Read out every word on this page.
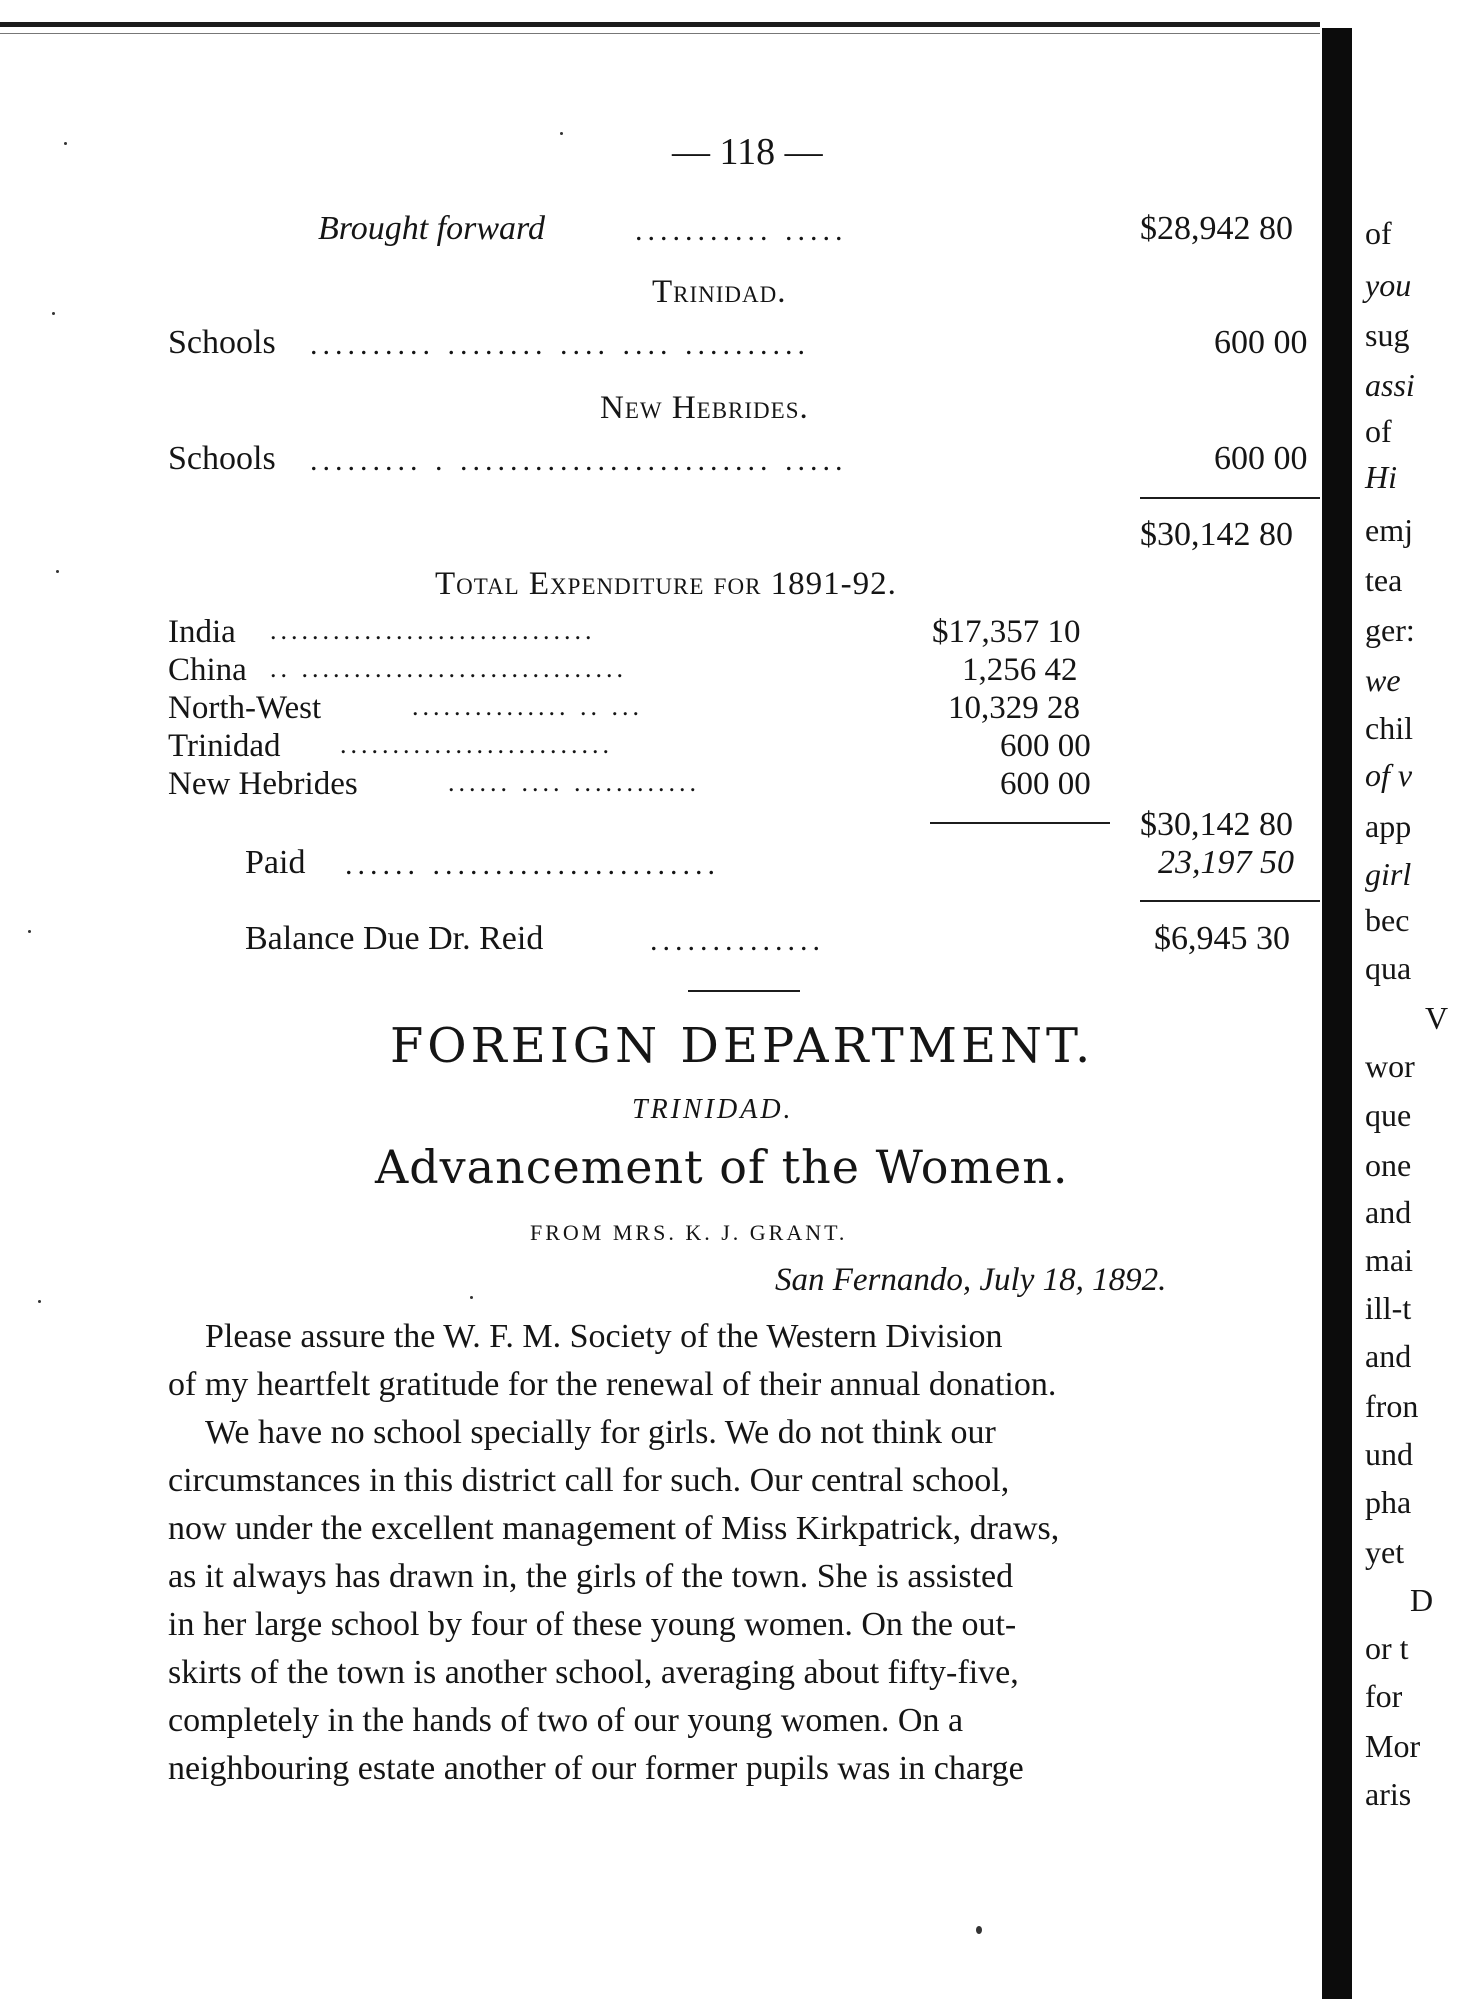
— 118 —
Brought forward	........... .....	$28,942 80
Trinidad.
Schools .......... ........ .... .... ..........	600 00
New Hebrides.
Schools ......... . ......................... .....	600 00
$30,142 80
Total Expenditure for 1891-92.
India ...............................	$17,357 10
China .. ...............................	1,256 42
North-West	............... .. ...	10,329 28
Trinidad ..........................	600 00
New Hebrides	...... .... ............	600 00
$30,142 80
Paid ...... .......................	23,197 50
Balance Due Dr. Reid	..............	$6,945 30
FOREIGN DEPARTMENT.
TRINIDAD.
Advancement of the Women.
FROM MRS. K. J. GRANT.
San Fernando, July 18, 1892.
Please assure the W. F. M. Society of the Western Division
of my heartfelt gratitude for the renewal of their annual donation.
We have no school specially for girls. We do not think our
circumstances in this district call for such. Our central school,
now under the excellent management of Miss Kirkpatrick, draws,
as it always has drawn in, the girls of the town. She is assisted
in her large school by four of these young women. On the out-
skirts of the town is another school, averaging about fifty-five,
completely in the hands of two of our young women. On a
neighbouring estate another of our former pupils was in charge
of
you
sug
assi
of
Hi
emj
tea
ger:
we
chil
of v
app
girl
bec
qua
V
wor
que
one
and
mai
ill-t
and
fron
und
pha
yet
D
or t
for
Mor
aris
